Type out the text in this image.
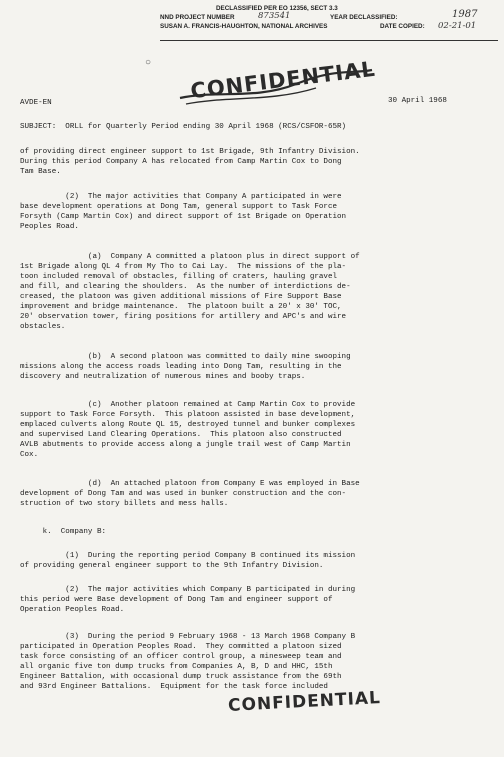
DECLASSIFIED PER EO 12356, SECT 3.3
NND PROJECT NUMBER	873541	YEAR DECLASSIFIED:	1987
SUSAN A. FRANCIS-HAUGHTON, NATIONAL ARCHIVES	DATE COPIED: 02-21-01
○ CONFIDENTIAL
AVDE-EN	30 April 1968
SUBJECT:  ORLL for Quarterly Period ending 30 April 1968 (RCS/CSFOR-65R)
of providing direct engineer support to 1st Brigade, 9th Infantry Division.
During this period Company A has relocated from Camp Martin Cox to Dong
Tam Base.
(2)  The major activities that Company A participated in were
base development operations at Dong Tam, general support to Task Force
Forsyth (Camp Martin Cox) and direct support of 1st Brigade on Operation
Peoples Road.
(a)  Company A committed a platoon plus in direct support of
1st Brigade along QL 4 from My Tho to Cai Lay.  The missions of the pla-
toon included removal of obstacles, filling of craters, hauling gravel
and fill, and clearing the shoulders.  As the number of interdictions de-
creased, the platoon was given additional missions of Fire Support Base
improvement and bridge maintenance.  The platoon built a 20' x 30' TOC,
20' observation tower, firing positions for artillery and APC's and wire
obstacles.
(b)  A second platoon was committed to daily mine swooping
missions along the access roads leading into Dong Tam, resulting in the
discovery and neutralization of numerous mines and booby traps.
(c)  Another platoon remained at Camp Martin Cox to provide
support to Task Force Forsyth.  This platoon assisted in base development,
emplaced culverts along Route QL 15, destroyed tunnel and bunker complexes
and supervised Land Clearing Operations.  This platoon also constructed
AVLB abutments to provide access along a jungle trail west of Camp Martin
Cox.
(d)  An attached platoon from Company E was employed in Base
development of Dong Tam and was used in bunker construction and the con-
struction of two story billets and mess halls.
k.  Company B:
(1)  During the reporting period Company B continued its mission
of providing general engineer support to the 9th Infantry Division.
(2)  The major activities which Company B participated in during
this period were Base development of Dong Tam and engineer support of
Operation Peoples Road.
(3)  During the period 9 February 1968 - 13 March 1968 Company B
participated in Operation Peoples Road.  They committed a platoon sized
task force consisting of an officer control group, a minesweep team and
all organic five ton dump trucks from Companies A, B, D and HHC, 15th
Engineer Battalion, with occasional dump truck assistance from the 69th
and 93rd Engineer Battalions.  Equipment for the task force included
CONFIDENTIAL
